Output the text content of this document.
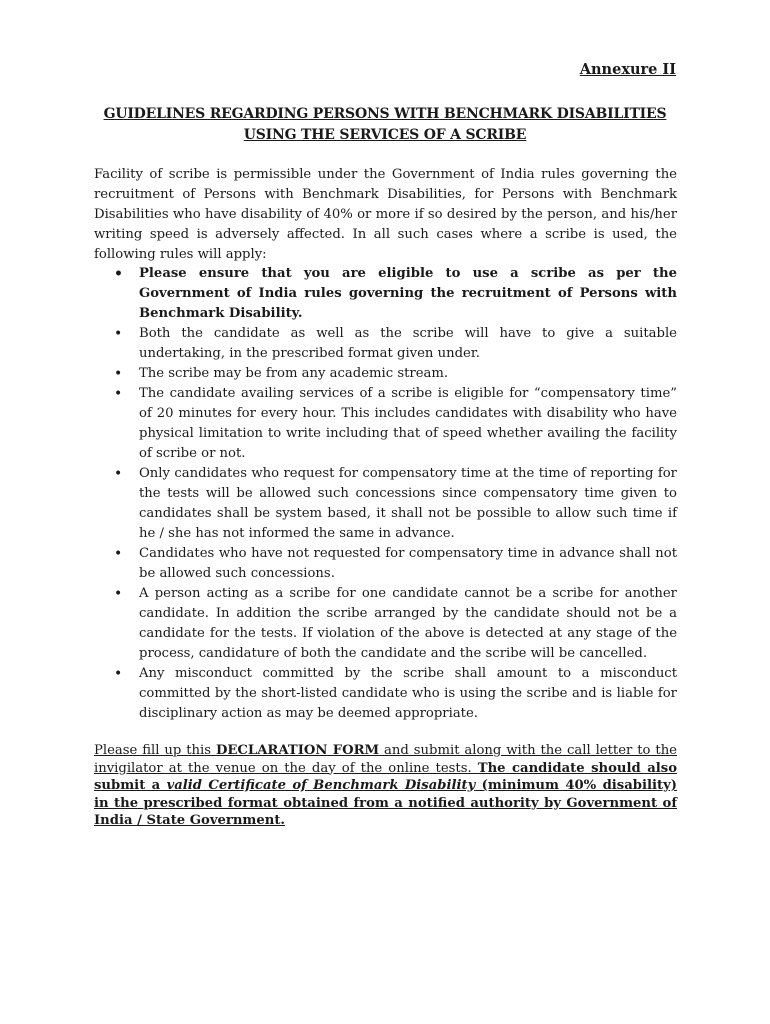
Annexure II
GUIDELINES REGARDING PERSONS WITH BENCHMARK DISABILITIES
USING THE SERVICES OF A SCRIBE

Facility of scribe is permissible under the Government of India rules governing the recruitment of Persons with Benchmark Disabilities, for Persons with Benchmark Disabilities who have disability of 40% or more if so desired by the person, and his/her writing speed is adversely affected. In all such cases where a scribe is used, the following rules will apply:

• Please ensure that you are eligible to use a scribe as per the Government of India rules governing the recruitment of Persons with Benchmark Disability.
• Both the candidate as well as the scribe will have to give a suitable undertaking, in the prescribed format given under.
• The scribe may be from any academic stream.
• The candidate availing services of a scribe is eligible for “compensatory time” of 20 minutes for every hour. This includes candidates with disability who have physical limitation to write including that of speed whether availing the facility of scribe or not.
• Only candidates who request for compensatory time at the time of reporting for the tests will be allowed such concessions since compensatory time given to candidates shall be system based, it shall not be possible to allow such time if he / she has not informed the same in advance.
• Candidates who have not requested for compensatory time in advance shall not be allowed such concessions.
• A person acting as a scribe for one candidate cannot be a scribe for another candidate. In addition the scribe arranged by the candidate should not be a candidate for the tests. If violation of the above is detected at any stage of the process, candidature of both the candidate and the scribe will be cancelled.
• Any misconduct committed by the scribe shall amount to a misconduct committed by the short-listed candidate who is using the scribe and is liable for disciplinary action as may be deemed appropriate.

Please fill up this DECLARATION FORM and submit along with the call letter to the invigilator at the venue on the day of the online tests. The candidate should also submit a valid Certificate of Benchmark Disability (minimum 40% disability) in the prescribed format obtained from a notified authority by Government of India / State Government.
